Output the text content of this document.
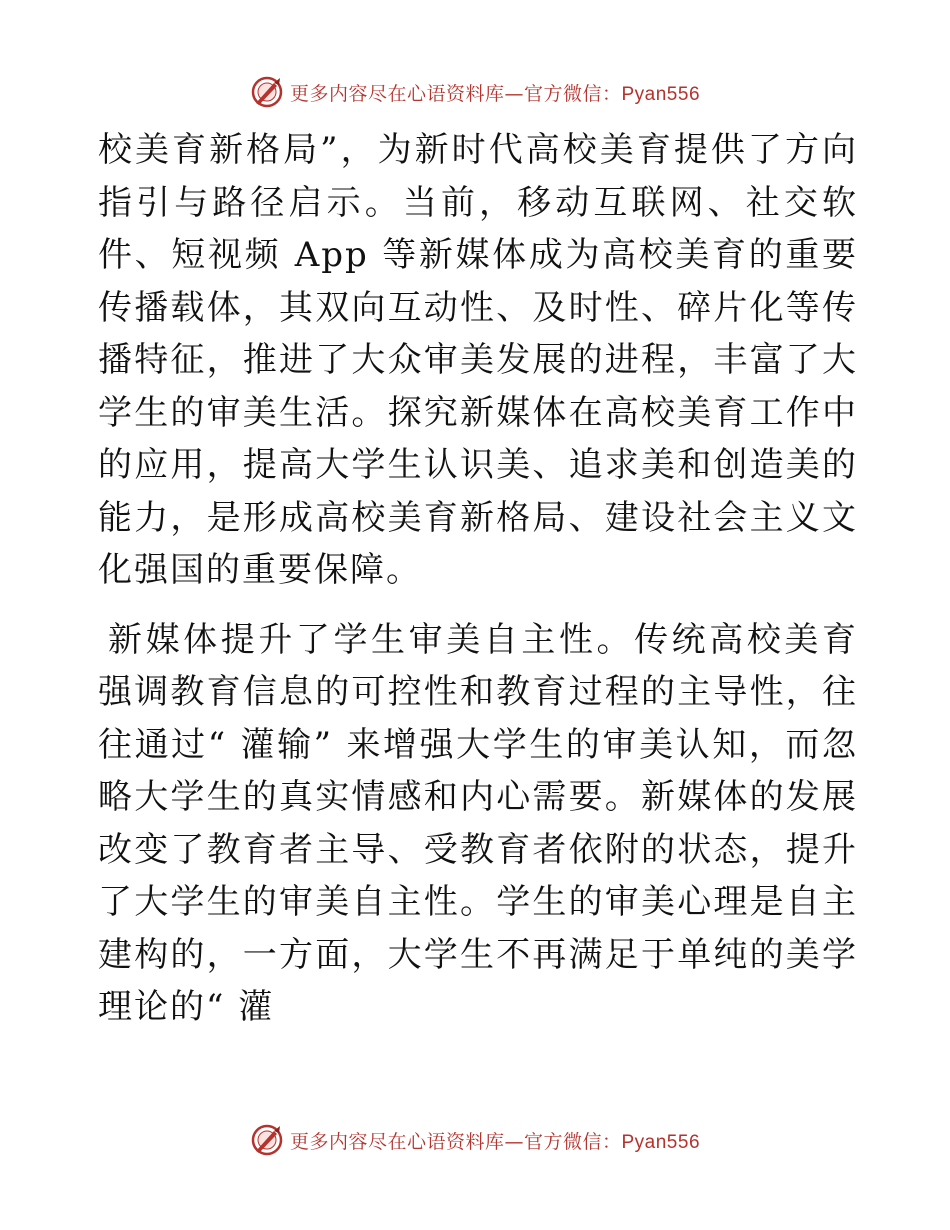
更多内容尽在心语资料库—官方微信：Pyan556

校美育新格局”，为新时代高校美育提供了方向指引与路径启示。当前，移动互联网、社交软件、短视频 App 等新媒体成为高校美育的重要传播载体，其双向互动性、及时性、碎片化等传播特征，推进了大众审美发展的进程，丰富了大学生的审美生活。探究新媒体在高校美育工作中的应用，提高大学生认识美、追求美和创造美的能力，是形成高校美育新格局、建设社会主义文化强国的重要保障。

新媒体提升了学生审美自主性。传统高校美育强调教育信息的可控性和教育过程的主导性，往往通过“ 灌输” 来增强大学生的审美认知，而忽略大学生的真实情感和内心需要。新媒体的发展改变了教育者主导、受教育者依附的状态，提升了大学生的审美自主性。学生的审美心理是自主建构的，一方面，大学生不再满足于单纯的美学理论的“ 灌

更多内容尽在心语资料库—官方微信：Pyan556
